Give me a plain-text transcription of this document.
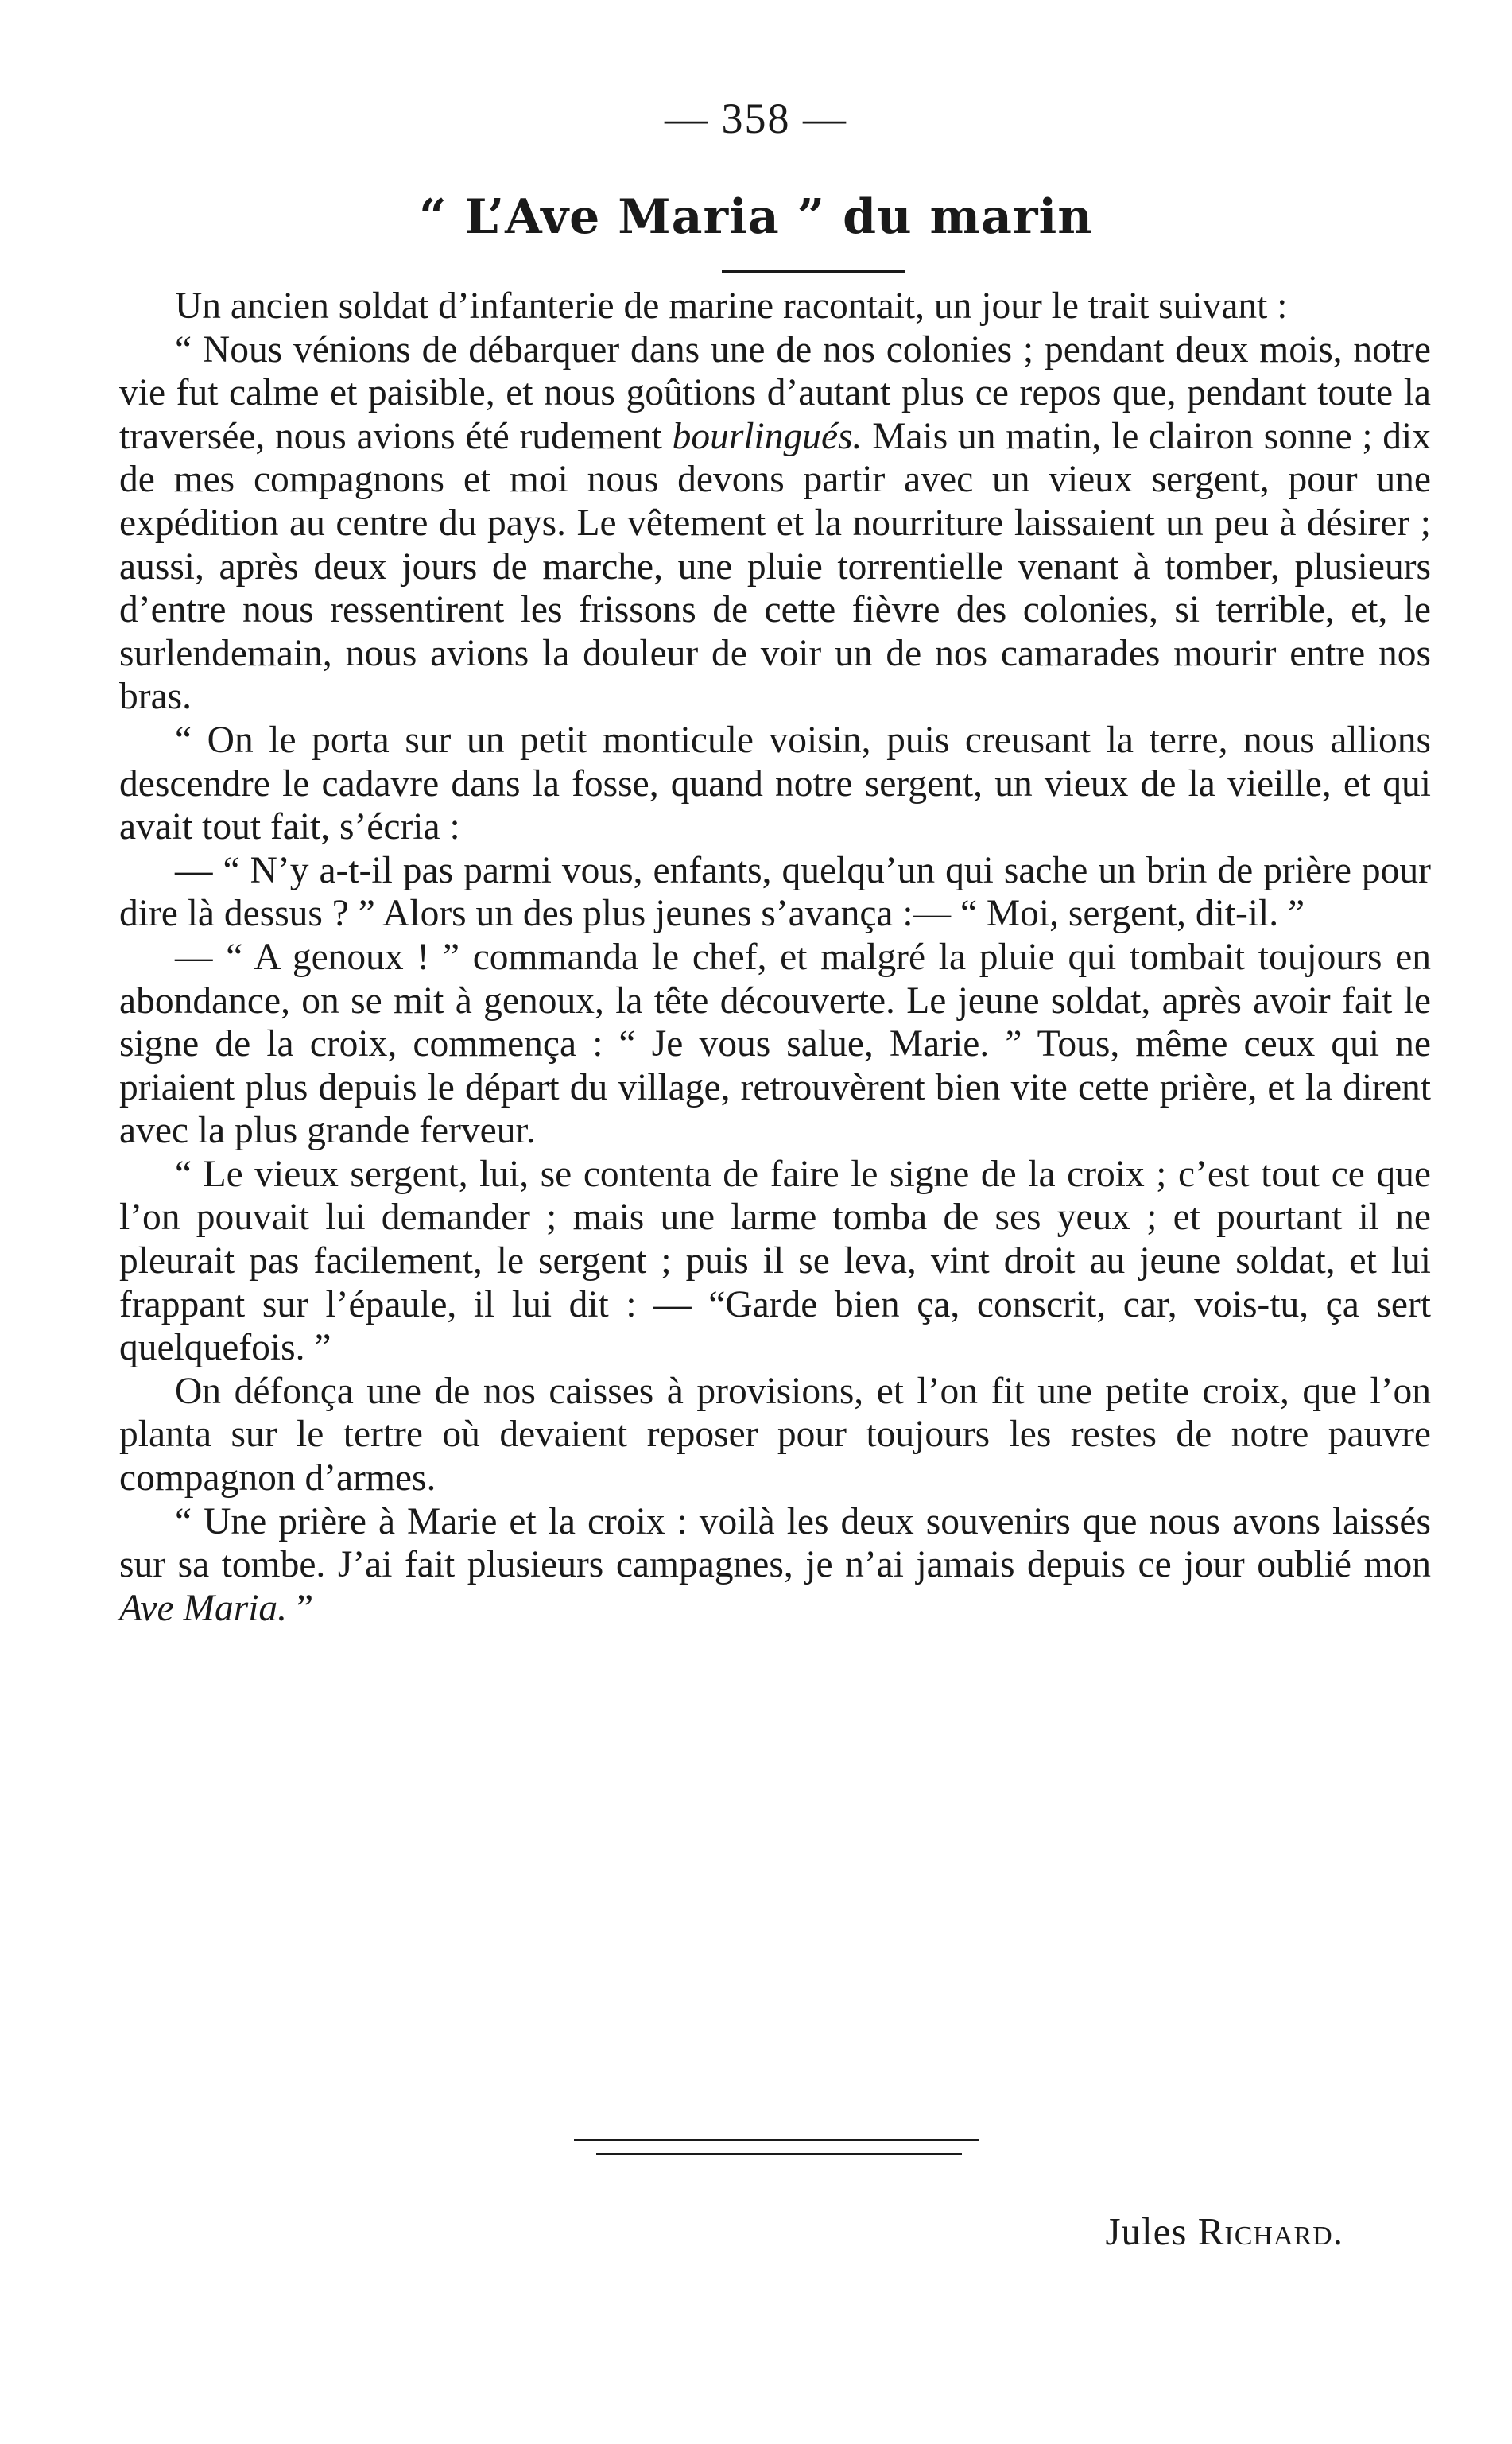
— 358 —
“ L’Ave Maria ” du marin

Un ancien soldat d’infanterie de marine racontait, un jour le trait suivant :

“ Nous vénions de débarquer dans une de nos colonies ; pendant deux mois, notre vie fut calme et paisible, et nous goûtions d’autant plus ce repos que, pendant toute la traversée, nous avions été rudement bourlingués. Mais un matin, le clairon sonne ; dix de mes compagnons et moi nous devons partir avec un vieux sergent, pour une expédition au centre du pays. Le vêtement et la nourriture laissaient un peu à désirer ; aussi, après deux jours de marche, une pluie torrentielle venant à tomber, plusieurs d’entre nous ressentirent les frissons de cette fièvre des colonies, si terrible, et, le surlendemain, nous avions la douleur de voir un de nos camarades mourir entre nos bras.

“ On le porta sur un petit monticule voisin, puis creusant la terre, nous allions descendre le cadavre dans la fosse, quand notre sergent, un vieux de la vieille, et qui avait tout fait, s’écria :

— “ N’y a-t-il pas parmi vous, enfants, quelqu’un qui sache un brin de prière pour dire là dessus ? ” Alors un des plus jeunes s’avança :— “ Moi, sergent, dit-il. ”

— “ A genoux ! ” commanda le chef, et malgré la pluie qui tombait toujours en abondance, on se mit à genoux, la tête découverte. Le jeune soldat, après avoir fait le signe de la croix, commença : “ Je vous salue, Marie. ” Tous, même ceux qui ne priaient plus depuis le départ du village, retrouvèrent bien vite cette prière, et la dirent avec la plus grande ferveur.

“ Le vieux sergent, lui, se contenta de faire le signe de la croix ; c’est tout ce que l’on pouvait lui demander ; mais une larme tomba de ses yeux ; et pourtant il ne pleurait pas facilement, le sergent ; puis il se leva, vint droit au jeune soldat, et lui frappant sur l’épaule, il lui dit : — “Garde bien ça, conscrit, car, vois-tu, ça sert quelquefois. ”

On défonça une de nos caisses à provisions, et l’on fit une petite croix, que l’on planta sur le tertre où devaient reposer pour toujours les restes de notre pauvre compagnon d’armes.

“ Une prière à Marie et la croix : voilà les deux souvenirs que nous avons laissés sur sa tombe. J’ai fait plusieurs campagnes, je n’ai jamais depuis ce jour oublié mon Ave Maria. ”

Jules Richard.
